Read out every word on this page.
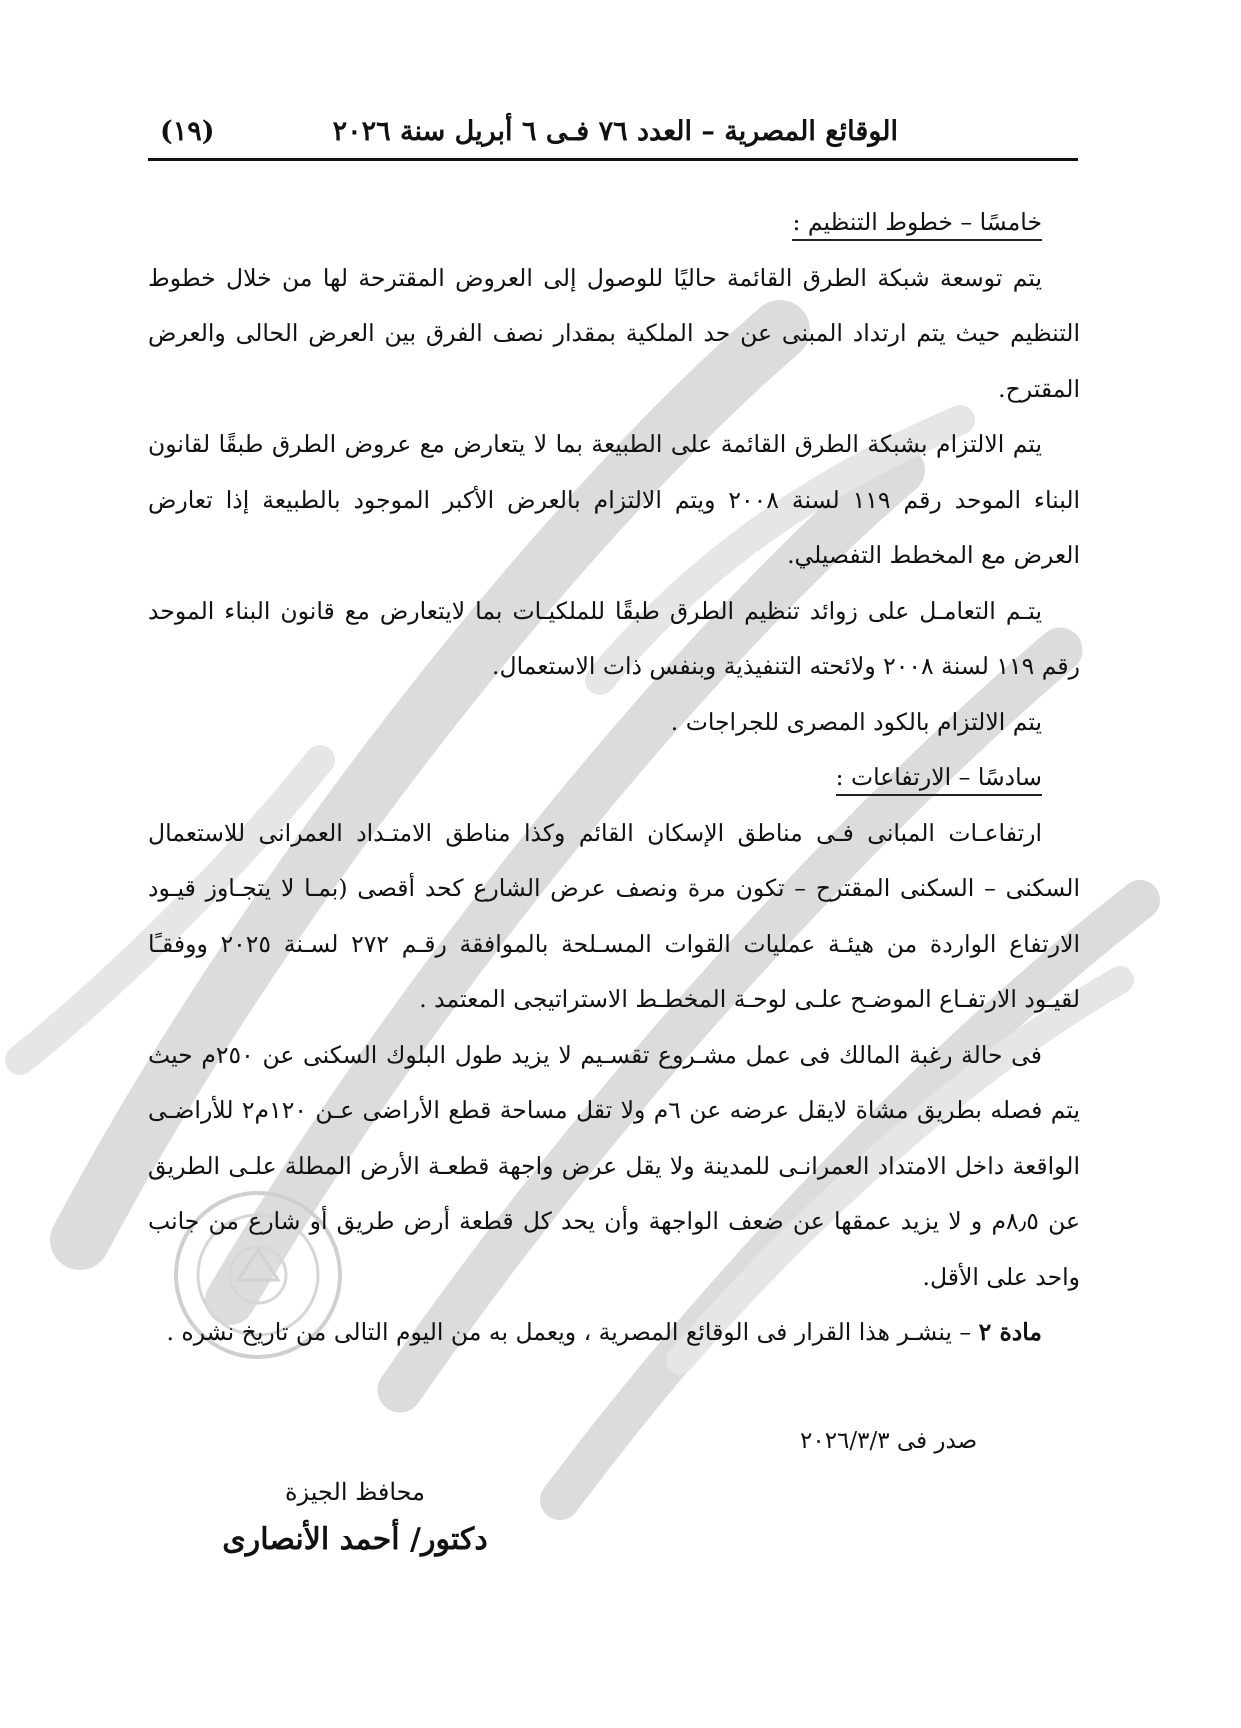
الوقائع المصرية – العدد ٧٦ فـى ٦ أبريل سنة ٢٠٢٦
(١٩)

خامسًا – خطوط التنظيم :

يتم توسعة شبكة الطرق القائمة حاليًا للوصول إلى العروض المقترحة لها من خلال خطوط التنظيم حيث يتم ارتداد المبنى عن حد الملكية بمقدار نصف الفرق بين العرض الحالى والعرض المقترح.

يتم الالتزام بشبكة الطرق القائمة على الطبيعة بما لا يتعارض مع عروض الطرق طبقًا لقانون البناء الموحد رقم ١١٩ لسنة ٢٠٠٨ ويتم الالتزام بالعرض الأكبر الموجود بالطبيعة إذا تعارض العرض مع المخطط التفصيلي.

يتـم التعامـل على زوائد تنظيم الطرق طبقًا للملكيـات بما لايتعارض مع قانون البناء الموحد رقم ١١٩ لسنة ٢٠٠٨ ولائحته التنفيذية وبنفس ذات الاستعمال.

يتم الالتزام بالكود المصرى للجراجات .

سادسًا – الارتفاعات :

ارتفاعـات المبانى فـى مناطق الإسكان القائم وكذا مناطق الامتـداد العمرانى للاستعمال السكنى – السكنى المقترح – تكون مرة ونصف عرض الشارع كحد أقصى (بمـا لا يتجـاوز قيـود الارتفاع الواردة من هيئـة عمليات القوات المسـلحة بالموافقة رقـم ٢٧٢ لسـنة ٢٠٢٥ ووفقـًا لقيـود الارتفـاع الموضـح علـى لوحـة المخطـط الاستراتيجى المعتمد .

فى حالة رغبة المالك فى عمل مشـروع تقسـيم لا يزيد طول البلوك السكنى عن ٢٥٠م حيث يتم فصله بطريق مشاة لايقل عرضه عن ٦م ولا تقل مساحة قطع الأراضى عـن ١٢٠م٢ للأراضـى الواقعة داخل الامتداد العمرانـى للمدينة ولا يقل عرض واجهة قطعـة الأرض المطلة علـى الطريق عن ٨٫٥م و لا يزيد عمقها عن ضعف الواجهة وأن يحد كل قطعة أرض طريق أو شارع من جانب واحد على الأقل.

مادة ٢ – ينشـر هذا القرار فى الوقائع المصرية ، ويعمل به من اليوم التالى من تاريخ نشره .

صدر فى ٢٠٢٦/٣/٣
محافظ الجيزة
دكتور/ أحمد الأنصارى
